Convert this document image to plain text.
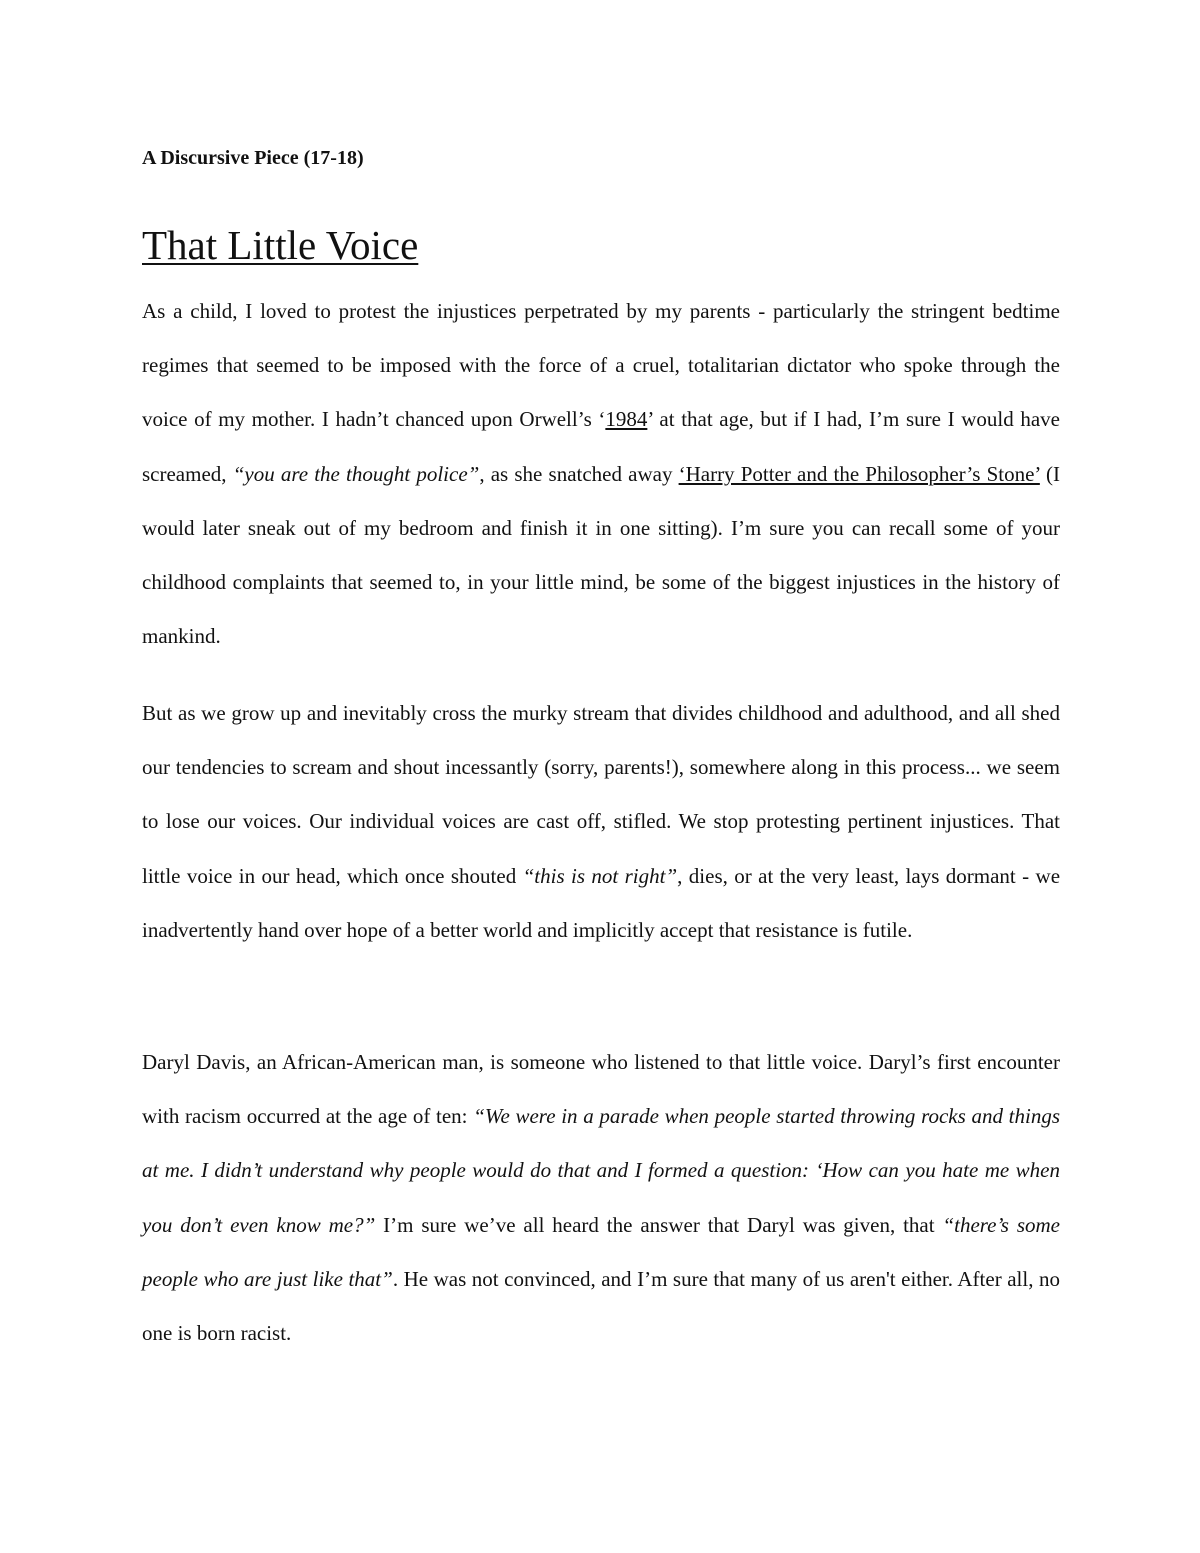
A Discursive Piece (17-18)
That Little Voice

As a child, I loved to protest the injustices perpetrated by my parents - particularly the stringent bedtime regimes that seemed to be imposed with the force of a cruel, totalitarian dictator who spoke through the voice of my mother. I hadn’t chanced upon Orwell’s ‘1984’ at that age, but if I had, I’m sure I would have screamed, “you are the thought police”, as she snatched away ‘Harry Potter and the Philosopher’s Stone’ (I would later sneak out of my bedroom and finish it in one sitting). I’m sure you can recall some of your childhood complaints that seemed to, in your little mind, be some of the biggest injustices in the history of mankind.

But as we grow up and inevitably cross the murky stream that divides childhood and adulthood, and all shed our tendencies to scream and shout incessantly (sorry, parents!), somewhere along in this process... we seem to lose our voices. Our individual voices are cast off, stifled. We stop protesting pertinent injustices. That little voice in our head, which once shouted “this is not right”, dies, or at the very least, lays dormant - we inadvertently hand over hope of a better world and implicitly accept that resistance is futile.

Daryl Davis, an African-American man, is someone who listened to that little voice. Daryl’s first encounter with racism occurred at the age of ten: “We were in a parade when people started throwing rocks and things at me. I didn’t understand why people would do that and I formed a question: ‘How can you hate me when you don’t even know me?” I’m sure we’ve all heard the answer that Daryl was given, that “there’s some people who are just like that”. He was not convinced, and I’m sure that many of us aren't either. After all, no one is born racist.
